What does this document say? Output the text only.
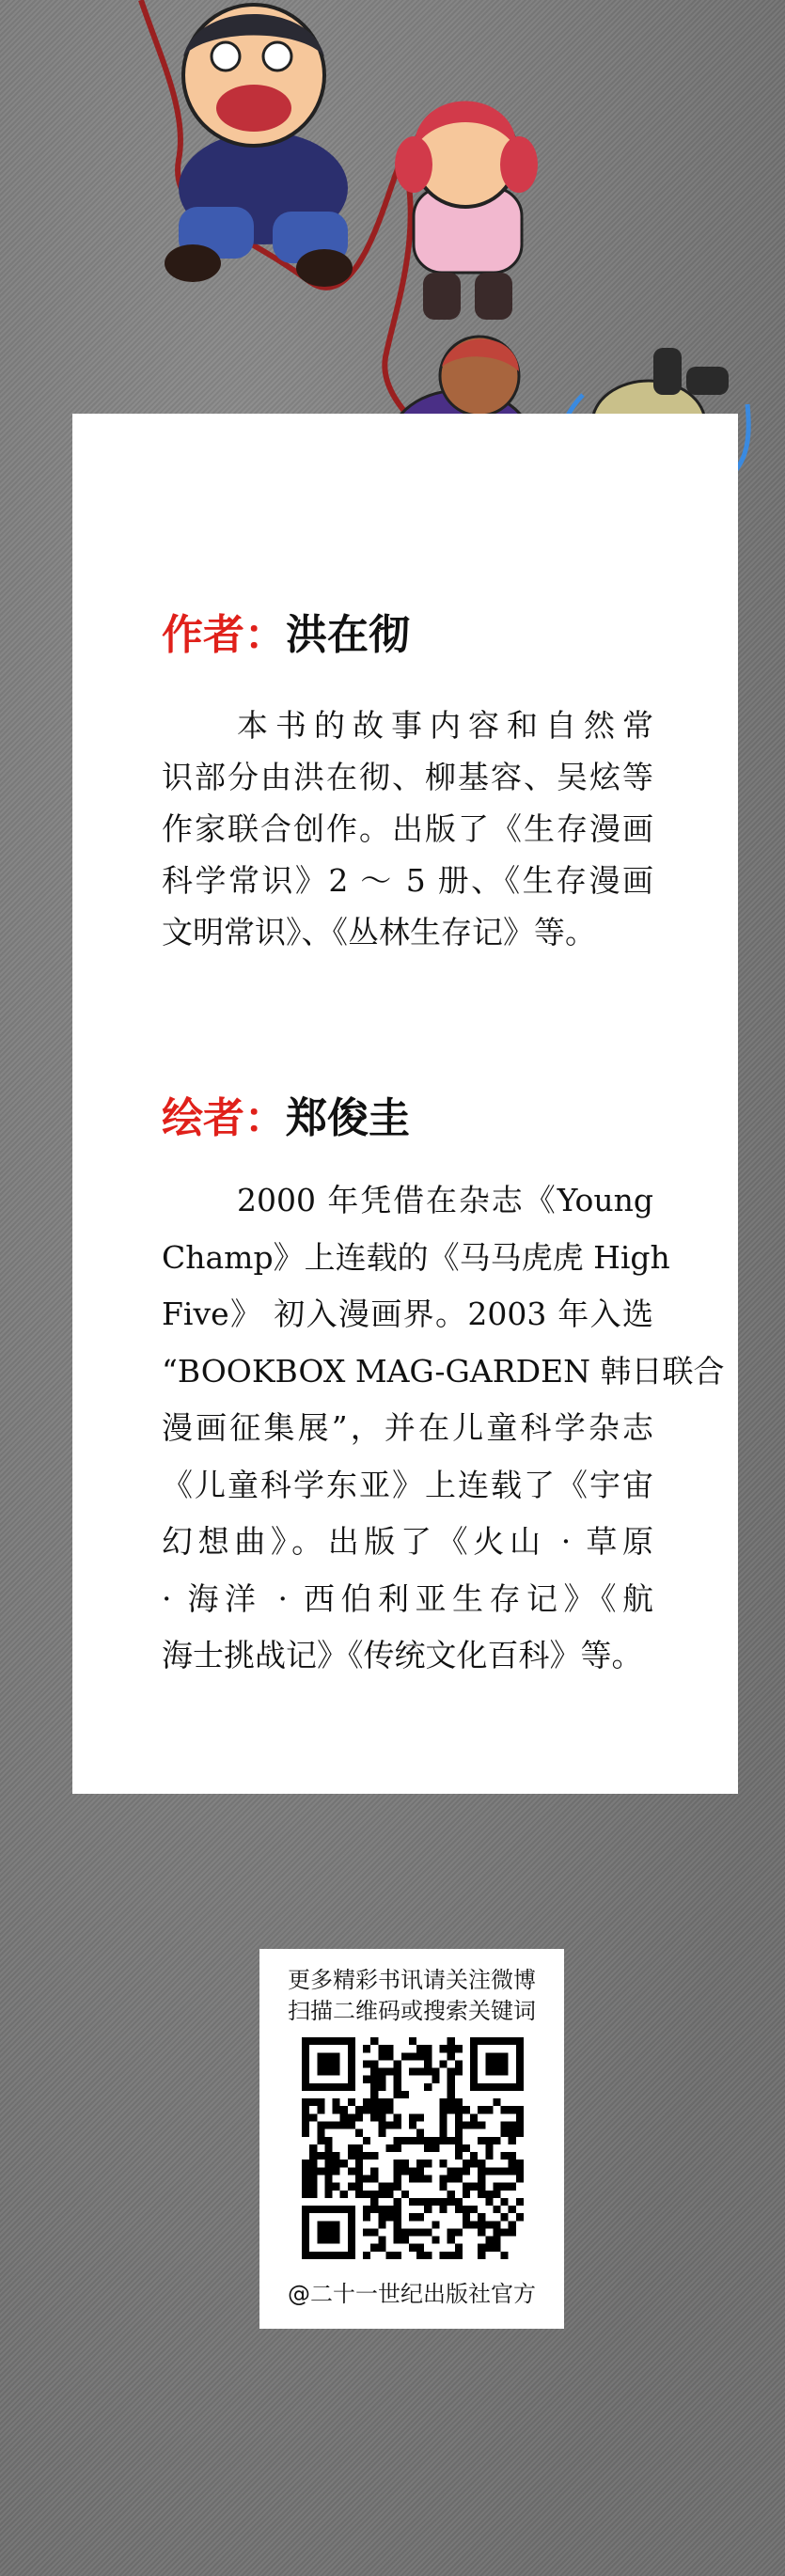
作者：洪在彻
本书的故事内容和自然常
识部分由洪在彻、柳基容、吴炫等
作家联合创作。出版了《生存漫画
科学常识》2 ～ 5 册、《生存漫画
文明常识》、《丛林生存记》等。
绘者：郑俊圭
2000 年凭借在杂志《Young
Champ》上连载的《马马虎虎 High
Five》 初入漫画界。2003 年入选
“BOOKBOX MAG-GARDEN 韩日联合
漫画征集展”，并在儿童科学杂志
《儿童科学东亚》上连载了《宇宙
幻想曲》。出版了《火山 · 草原
· 海洋 · 西伯利亚生存记》《航
海士挑战记》《传统文化百科》等。
更多精彩书讯请关注微博
扫描二维码或搜索关键词
@二十一世纪出版社官方
